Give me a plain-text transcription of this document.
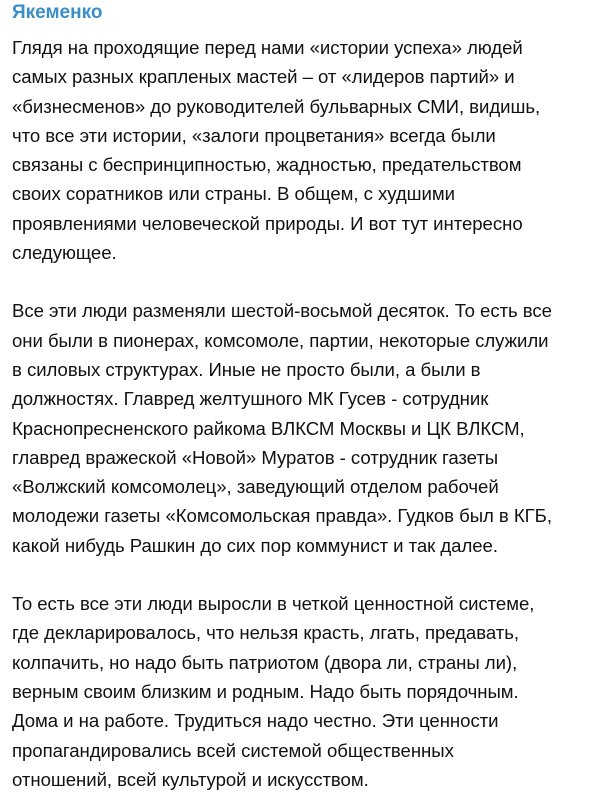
Якеменко

Глядя на проходящие перед нами «истории успеха» людей
самых разных крапленых мастей – от «лидеров партий» и
«бизнесменов» до руководителей бульварных СМИ, видишь,
что все эти истории, «залоги процветания» всегда были
связаны с беспринципностью, жадностью, предательством
своих соратников или страны. В общем, с худшими
проявлениями человеческой природы. И вот тут интересно
следующее.

Все эти люди разменяли шестой-восьмой десяток. То есть все
они были в пионерах, комсомоле, партии, некоторые служили
в силовых структурах. Иные не просто были, а были в
должностях. Главред желтушного МК Гусев - сотрудник
Краснопресненского райкома ВЛКСМ Москвы и ЦК ВЛКСМ,
главред вражеской «Новой» Муратов - сотрудник газеты
«Волжский комсомолец», заведующий отделом рабочей
молодежи газеты «Комсомольская правда». Гудков был в КГБ,
какой нибудь Рашкин до сих пор коммунист и так далее.

То есть все эти люди выросли в четкой ценностной системе,
где декларировалось, что нельзя красть, лгать, предавать,
колпачить, но надо быть патриотом (двора ли, страны ли),
верным своим близким и родным. Надо быть порядочным.
Дома и на работе. Трудиться надо честно. Эти ценности
пропагандировались всей системой общественных
отношений, всей культурой и искусством.
